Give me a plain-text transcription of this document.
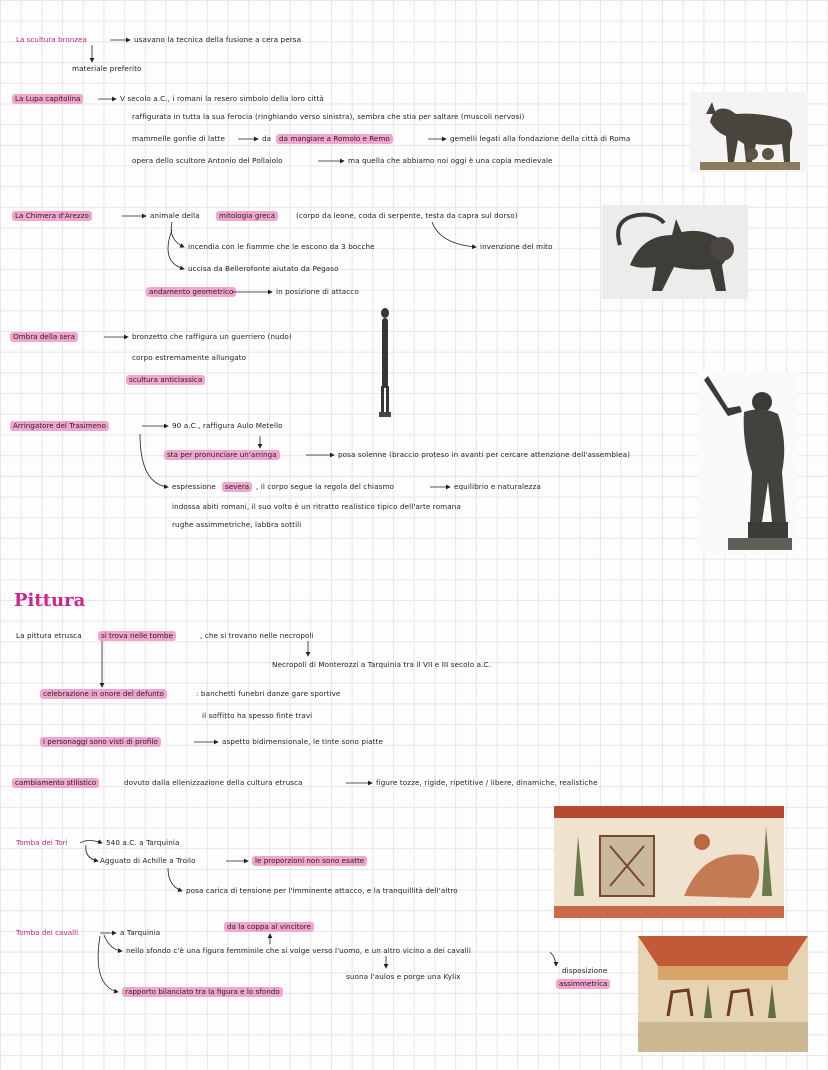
La scultura bronzea	usavano la tecnica della fusione a cera persa
materiale preferito
La Lupa capitolina	V secolo a.C., i romani la resero simbolo della loro città
raffigurata in tutta la sua ferocia (ringhiando verso sinistra), sembra che stia per saltare (muscoli nervosi)
mammelle gonfie di latte	da	da mangiare a Romolo e Remo	gemelli legati alla fondazione della città di Roma
opera dello scultore Antonio del Pollaiolo	ma quella che abbiamo noi oggi è una copia medievale
La Chimera d'Arezzo	animale della	mitologia greca	(corpo da leone, coda di serpente, testa da capra sul dorso)
incendia con le fiamme che le escono da 3 bocche	invenzione del mito
uccisa da Bellerofonte aiutato da Pegaso
andamento geometrico	in posizione di attacco
Ombra della sera	bronzetto che raffigura un guerriero (nudo)
corpo estremamente allungato
scultura anticlassica
Arringatore del Trasimeno	90 a.C., raffigura Aulo Metello
sta per pronunciare un'arringa	posa solenne (braccio proteso in avanti per cercare attenzione dell'assemblea)
espressione	severa , il corpo segue la regola del chiasmo	equilibrio e naturalezza
indossa abiti romani, il suo volto è un ritratto realistico tipico dell'arte romana
rughe assimmetriche, labbra sottili
Pittura
La pittura etrusca	si trova nelle tombe	, che si trovano nelle necropoli
Necropoli di Monterozzi a Tarquinia tra il VII e III secolo a.C.
celebrazione in onore del defunto	: banchetti funebri danze gare sportive
il soffitto ha spesso finte travi
i personaggi sono visti di profilo	aspetto bidimensionale, le tinte sono piatte
cambiamento stilistico	dovuto dalla ellenizzazione della cultura etrusca	figure tozze, rigide, ripetitive / libere, dinamiche, realistiche
Tomba dei Tori	540 a.C. a Tarquinia
Agguato di Achille a Troilo	le proporzioni non sono esatte
posa carica di tensione per l'imminente attacco, e la tranquillità dell'altro
Tomba dei cavalli	a Tarquinia
da la coppa al vincitore
nello sfondo c'è una figura femminile che si volge verso l'uomo, e un altro vicino a dei cavalli
suona l'aulos e porge una Kylix
disposizione
assimmetrica
rapporto bilanciato tra la figura e lo sfondo
